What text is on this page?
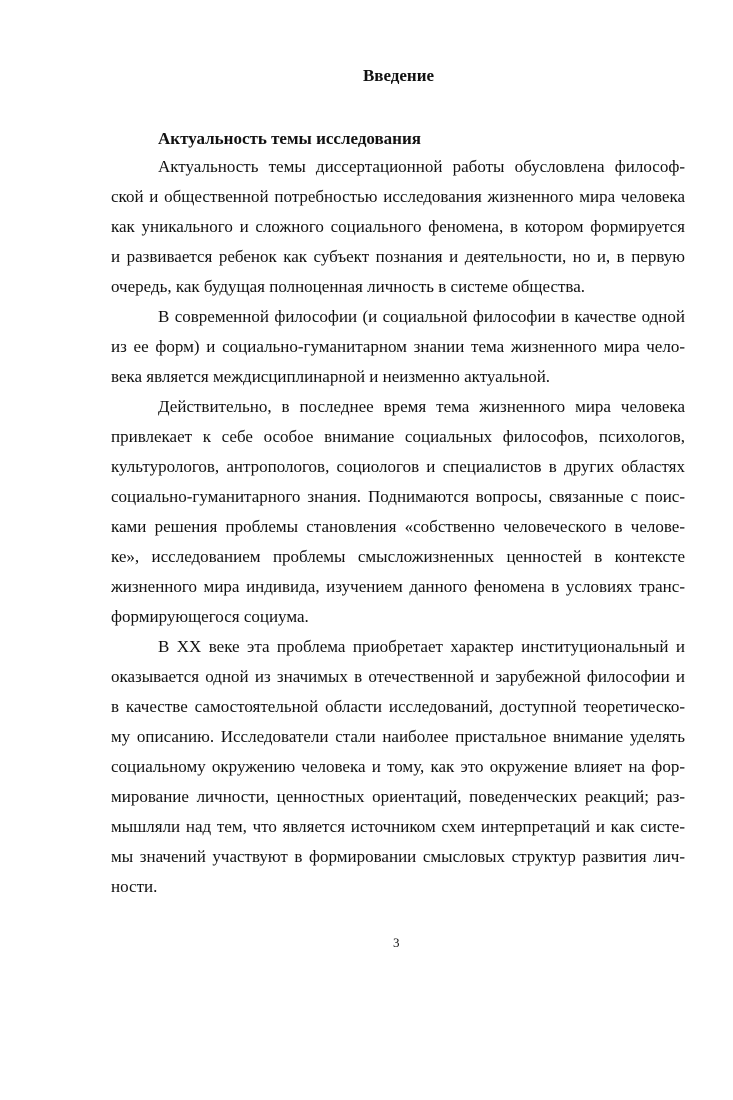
Введение
Актуальность темы исследования
Актуальность темы диссертационной работы обусловлена философ-
ской и общественной потребностью исследования жизненного мира человека
как уникального и сложного социального феномена, в котором формируется
и развивается ребенок как субъект познания и деятельности, но и, в первую
очередь, как будущая полноценная личность в системе общества.
В современной философии (и социальной философии в качестве одной
из ее форм) и социально-гуманитарном знании тема жизненного мира чело-
века является междисциплинарной и неизменно актуальной.
Действительно, в последнее время тема жизненного мира человека
привлекает к себе особое внимание социальных философов, психологов,
культурологов, антропологов, социологов и специалистов в других областях
социально-гуманитарного знания. Поднимаются вопросы, связанные с поис-
ками решения проблемы становления «собственно человеческого в челове-
ке», исследованием проблемы смысложизненных ценностей в контексте
жизненного мира индивида, изучением данного феномена в условиях транс-
формирующегося социума.
В XX веке эта проблема приобретает характер институциональный и
оказывается одной из значимых в отечественной и зарубежной философии и
в качестве самостоятельной области исследований, доступной теоретическо-
му описанию. Исследователи стали наиболее пристальное внимание уделять
социальному окружению человека и тому, как это окружение влияет на фор-
мирование личности, ценностных ориентаций, поведенческих реакций; раз-
мышляли над тем, что является источником схем интерпретаций и как систе-
мы значений участвуют в формировании смысловых структур развития лич-
ности.
3
